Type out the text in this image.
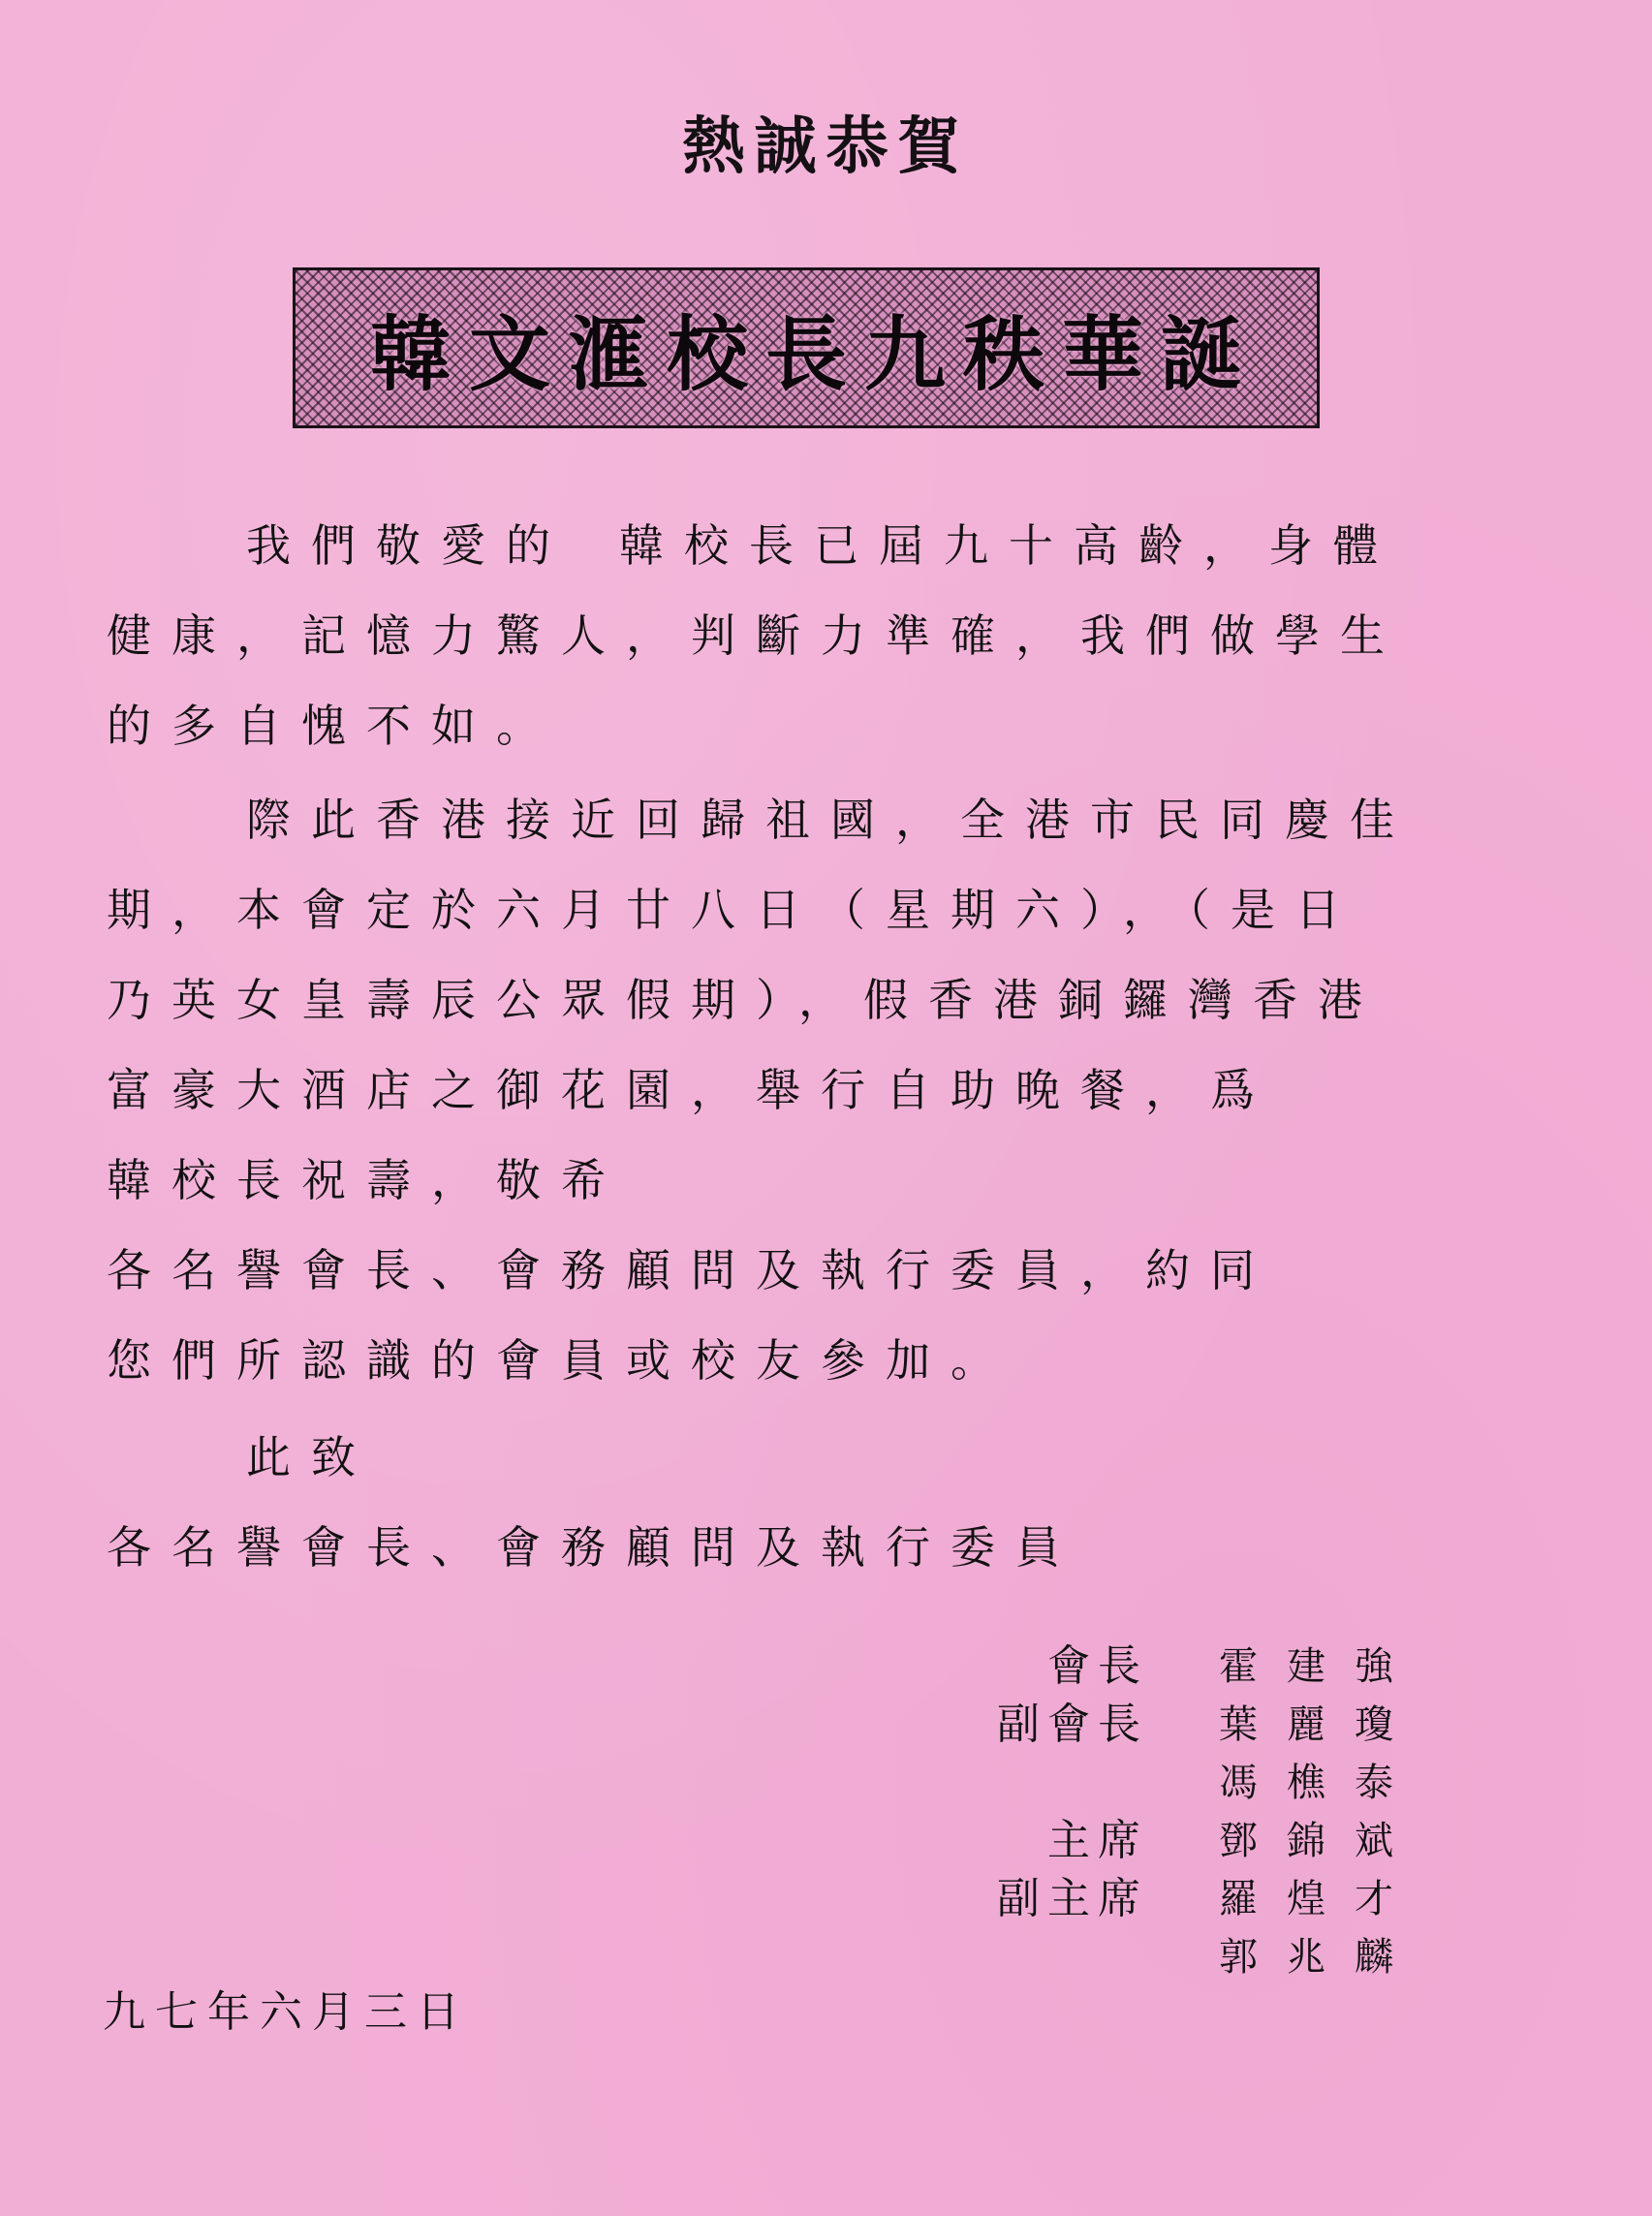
熱誠恭賀
韓文滙校長九秩華誕
我們敬愛的 韓校長已屆九十高齡，身體
健康，記憶力驚人，判斷力準確，我們做學生
的多自愧不如。
際此香港接近回歸祖國，全港市民同慶佳
期，本會定於六月廿八日（星期六），（是日
乃英女皇壽辰公眾假期），假香港銅鑼灣香港
富豪大酒店之御花園，舉行自助晚餐，爲
韓校長祝壽，敬希
各名譽會長、會務顧問及執行委員，約同
您們所認識的會員或校友參加。
此致
各名譽會長、會務顧問及執行委員
會長 霍建強
副會長 葉麗瓊
馮樵泰
主席 鄧錦斌
副主席 羅煌才
郭兆麟
九七年六月三日
